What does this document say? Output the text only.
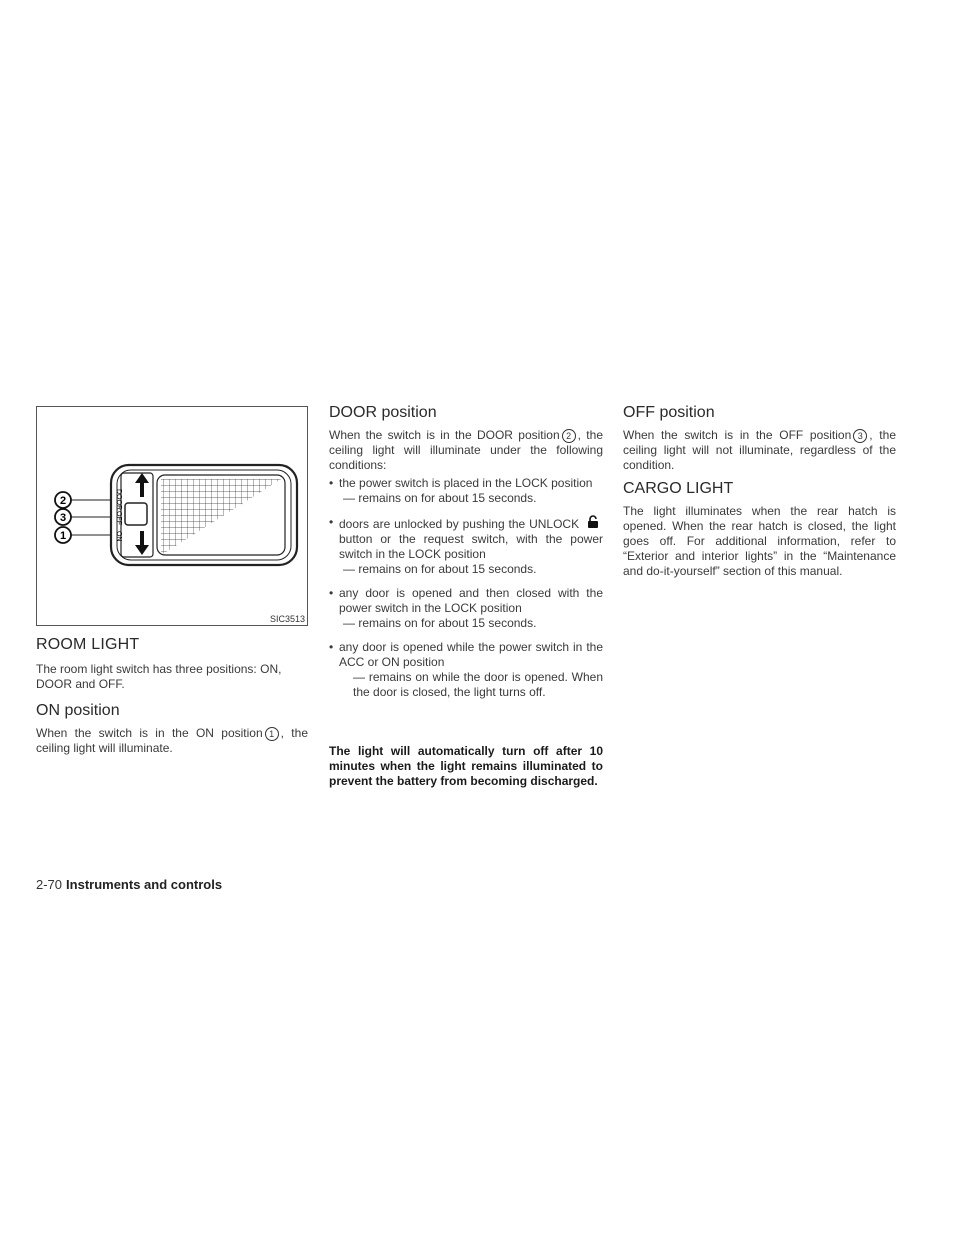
DOOR
OFF
ON
2
3
1
SIC3513
ROOM LIGHT

The room light switch has three positions: ON, DOOR and OFF.

ON position

When the switch is in the ON position 1 , the ceiling light will illuminate.

DOOR position

When the switch is in the DOOR position 2 , the ceiling light will illuminate under the following conditions:

• the power switch is placed in the LOCK position
— remains on for about 15 seconds.
• doors are unlocked by pushing the UNLOCK  button or the request switch, with the power switch in the LOCK position
— remains on for about 15 seconds.
• any door is opened and then closed with the power switch in the LOCK position
— remains on for about 15 seconds.
• any door is opened while the power switch in the ACC or ON position
— remains on while the door is opened. When the door is closed, the light turns off.

The light will automatically turn off after 10 minutes when the light remains illuminated to prevent the battery from becoming discharged.

OFF position

When the switch is in the OFF position 3 , the ceiling light will not illuminate, regardless of the condition.

CARGO LIGHT

The light illuminates when the rear hatch is opened. When the rear hatch is closed, the light goes off. For additional information, refer to “Exterior and interior lights” in the “Maintenance and do-it-yourself” section of this manual.

2-70 Instruments and controls
